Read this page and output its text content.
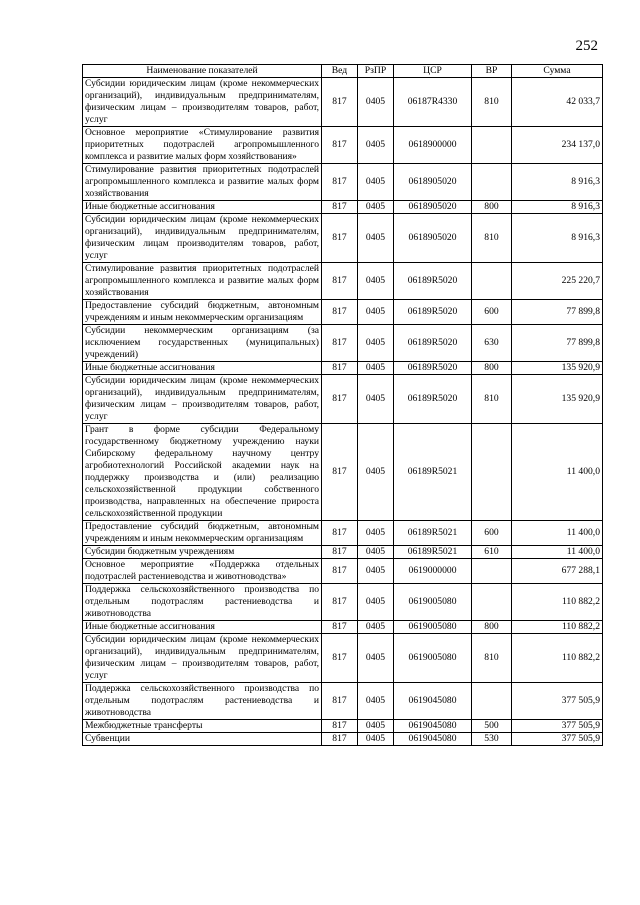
252
Наименование показателей	Вед	РзПР	ЦСР	ВР	Сумма
Субсидии юридическим лицам (кроме некоммерческих организаций), индивидуальным предпринимателям, физическим лицам – производителям товаров, работ, услуг	817	0405	06187R4330	810	42 033,7
Основное мероприятие «Стимулирование развития приоритетных подотраслей агропромышленного комплекса и развитие малых форм хозяйствования»	817	0405	0618900000		234 137,0
Стимулирование развития приоритетных подотраслей агропромышленного комплекса и развитие малых форм хозяйствования	817	0405	0618905020		8 916,3
Иные бюджетные ассигнования	817	0405	0618905020	800	8 916,3
Субсидии юридическим лицам (кроме некоммерческих организаций), индивидуальным предпринимателям, физическим лицам производителям товаров, работ, услуг	817	0405	0618905020	810	8 916,3
Стимулирование развития приоритетных подотраслей агропромышленного комплекса и развитие малых форм хозяйствования	817	0405	06189R5020		225 220,7
Предоставление субсидий бюджетным, автономным учреждениям и иным некоммерческим организациям	817	0405	06189R5020	600	77 899,8
Субсидии некоммерческим организациям (за исключением государственных (муниципальных) учреждений)	817	0405	06189R5020	630	77 899,8
Иные бюджетные ассигнования	817	0405	06189R5020	800	135 920,9
Субсидии юридическим лицам (кроме некоммерческих организаций), индивидуальным предпринимателям, физическим лицам – производителям товаров, работ, услуг	817	0405	06189R5020	810	135 920,9
Грант в форме субсидии Федеральному государственному бюджетному учреждению науки Сибирскому федеральному научному центру агробиотехнологий Российской академии наук на поддержку производства и (или) реализацию сельскохозяйственной продукции собственного производства, направленных на обеспечение прироста сельскохозяйственной продукции	817	0405	06189R5021		11 400,0
Предоставление субсидий бюджетным, автономным учреждениям и иным некоммерческим организациям	817	0405	06189R5021	600	11 400,0
Субсидии бюджетным учреждениям	817	0405	06189R5021	610	11 400,0
Основное мероприятие «Поддержка отдельных подотраслей растениеводства и животноводства»	817	0405	0619000000		677 288,1
Поддержка сельскохозяйственного производства по отдельным подотраслям растениеводства и животноводства	817	0405	0619005080		110 882,2
Иные бюджетные ассигнования	817	0405	0619005080	800	110 882,2
Субсидии юридическим лицам (кроме некоммерческих организаций), индивидуальным предпринимателям, физическим лицам – производителям товаров, работ, услуг	817	0405	0619005080	810	110 882,2
Поддержка сельскохозяйственного производства по отдельным подотраслям растениеводства и животноводства	817	0405	0619045080		377 505,9
Межбюджетные трансферты	817	0405	0619045080	500	377 505,9
Субвенции	817	0405	0619045080	530	377 505,9
